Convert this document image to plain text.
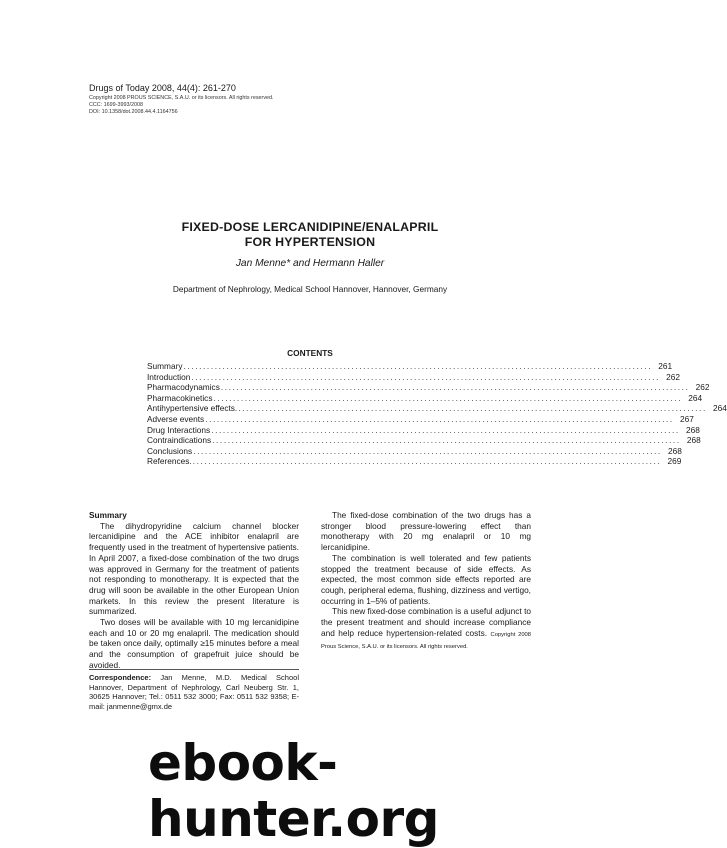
Drugs of Today 2008, 44(4): 261-270
Copyright 2008 PROUS SCIENCE, S.A.U. or its licensors. All rights reserved.
CCC: 1699-3993/2008
DOI: 10.1358/dot.2008.44.4.1164756
FIXED-DOSE LERCANIDIPINE/ENALAPRIL
FOR HYPERTENSION
Jan Menne* and Hermann Haller
Department of Nephrology, Medical School Hannover, Hannover, Germany
CONTENTS
Summary ........................................................................................................................ 261
Introduction ........................................................................................................................ 262
Pharmacodynamics ........................................................................................................................ 262
Pharmacokinetics ........................................................................................................................ 264
Antihypertensive effects. ........................................................................................................................ 264
Adverse events ........................................................................................................................ 267
Drug Interactions ........................................................................................................................ 268
Contraindications ........................................................................................................................ 268
Conclusions ........................................................................................................................ 268
References. ........................................................................................................................ 269
Summary

The dihydropyridine calcium channel blocker lercanidipine and the ACE inhibitor enalapril are frequently used in the treatment of hypertensive patients. In April 2007, a fixed-dose combination of the two drugs was approved in Germany for the treatment of patients not responding to monotherapy. It is expected that the drug will soon be available in the other European Union markets. In this review the present literature is summarized.

Two doses will be available with 10 mg lercanidipine each and 10 or 20 mg enalapril. The medication should be taken once daily, optimally ≥15 minutes before a meal and the consumption of grapefruit juice should be avoided.

The fixed-dose combination of the two drugs has a stronger blood pressure-lowering effect than monotherapy with 20 mg enalapril or 10 mg lercanidipine.

The combination is well tolerated and few patients stopped the treatment because of side effects. As expected, the most common side effects reported are cough, peripheral edema, flushing, dizziness and vertigo, occurring in 1–5% of patients.

This new fixed-dose combination is a useful adjunct to the present treatment and should increase compliance and help reduce hypertension-related costs. Copyright 2008 Prous Science, S.A.U. or its licensors. All rights reserved.

Correspondence: Jan Menne, M.D. Medical School Hannover, Department of Nephrology, Carl Neuberg Str. 1, 30625 Hannover; Tel.: 0511 532 3000; Fax: 0511 532 9358; E-mail: janmenne@gmx.de
ebook-hunter.org
